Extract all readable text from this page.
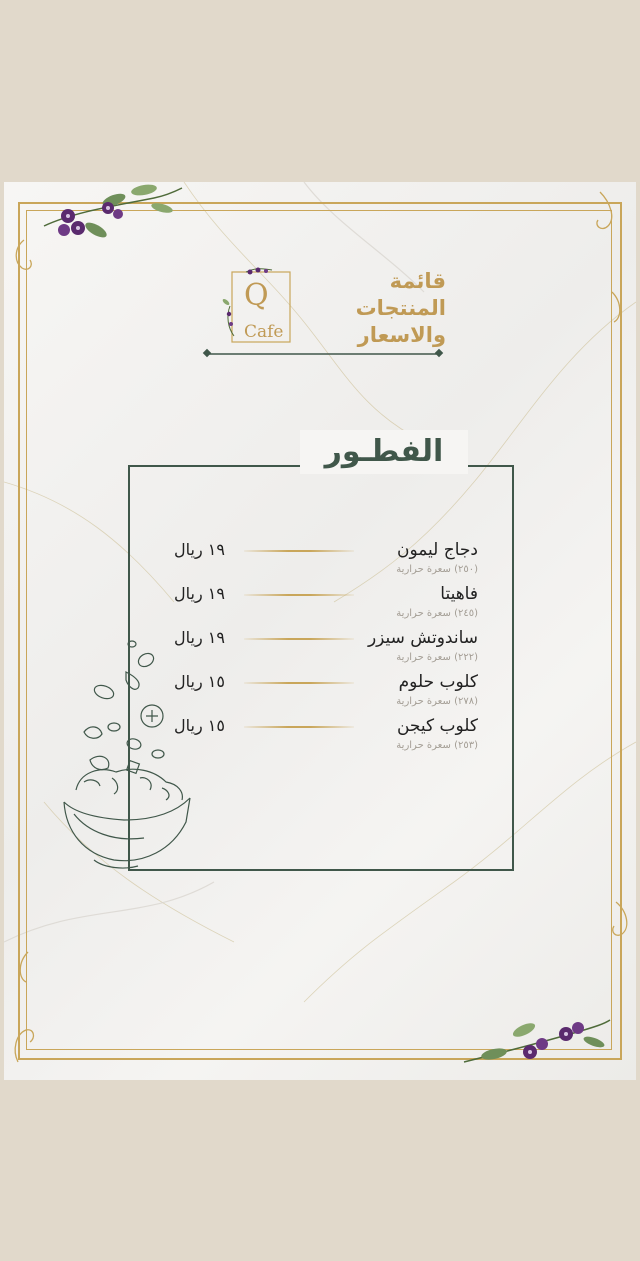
Q
Cafe
قائمة
المنتجات
والاسعار
الفطـور
دجاج ليمون
١٩ ريال
(٢٥٠) سعرة حرارية
فاهيتا
١٩ ريال
(٢٤٥) سعرة حرارية
ساندوتش سيزر
١٩ ريال
(٢٢٢) سعرة حرارية
كلوب حلوم
١٥ ريال
(٢٧٨) سعرة حرارية
كلوب كيجن
١٥ ريال
(٢٥٣) سعرة حرارية
